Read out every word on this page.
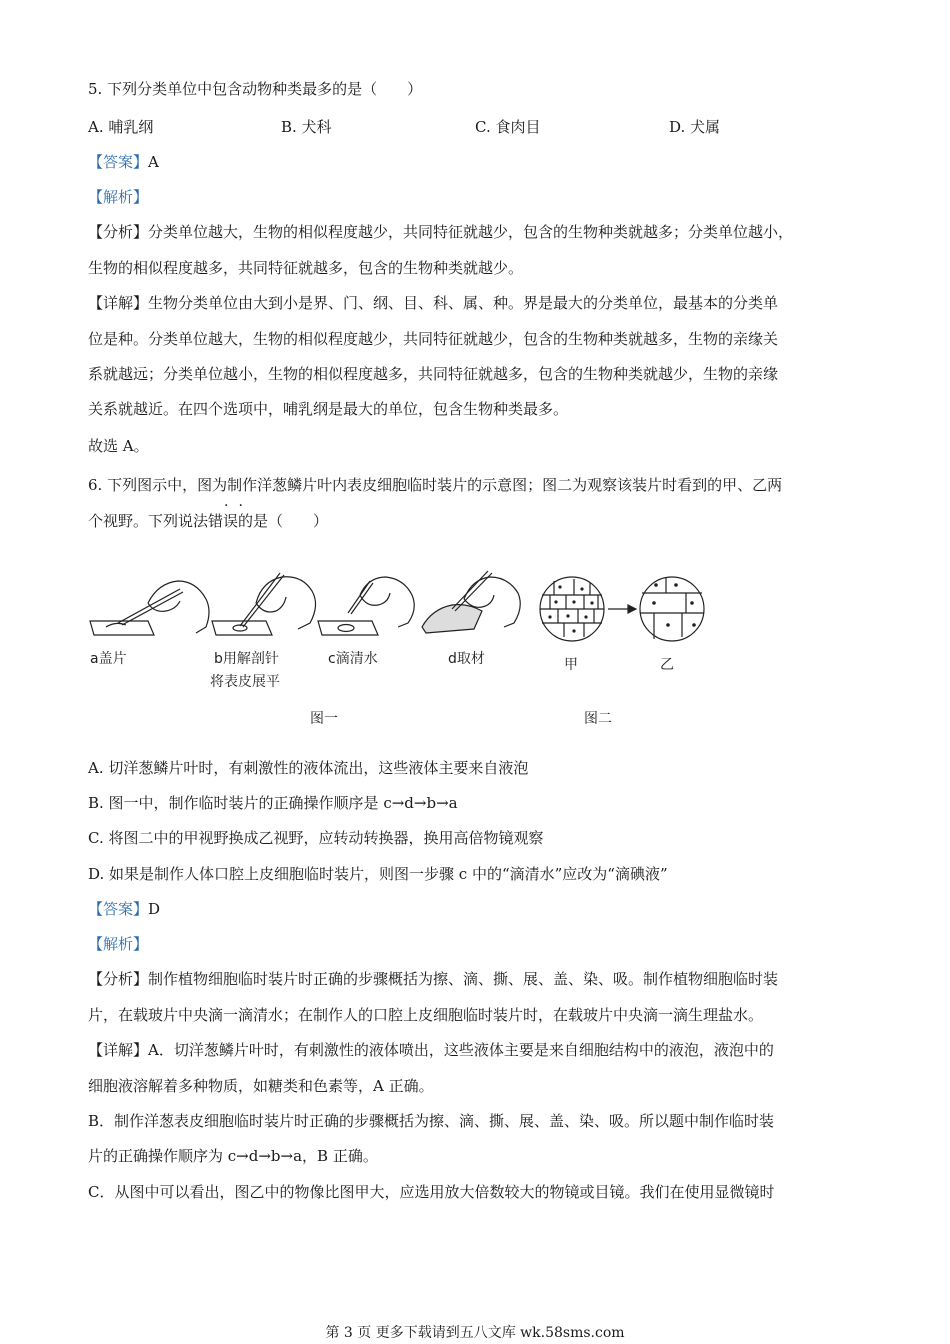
5. 下列分类单位中包含动物种类最多的是（　　）
A. 哺乳纲	B. 犬科	C. 食肉目	D. 犬属
【答案】A
【解析】
【分析】分类单位越大，生物的相似程度越少，共同特征就越少，包含的生物种类就越多；分类单位越小，
生物的相似程度越多，共同特征就越多，包含的生物种类就越少。
【详解】生物分类单位由大到小是界、门、纲、目、科、属、种。界是最大的分类单位，最基本的分类单
位是种。分类单位越大，生物的相似程度越少，共同特征就越少，包含的生物种类就越多，生物的亲缘关
系就越远；分类单位越小，生物的相似程度越多，共同特征就越多，包含的生物种类就越少，生物的亲缘
关系就越近。在四个选项中，哺乳纲是最大的单位，包含生物种类最多。
故选 A。
6. 下列图示中，图为制作洋葱鳞片叶内表皮细胞临时装片的示意图；图二为观察该装片时看到的甲、乙两
个视野。下列说法错误的是（　　）
··
A. 切洋葱鳞片叶时，有刺激性的液体流出，这些液体主要来自液泡
B. 图一中，制作临时装片的正确操作顺序是 c→d→b→a
C. 将图二中的甲视野换成乙视野，应转动转换器，换用高倍物镜观察
D. 如果是制作人体口腔上皮细胞临时装片，则图一步骤 c 中的“滴清水”应改为“滴碘液”
【答案】D
【解析】
【分析】制作植物细胞临时装片时正确的步骤概括为擦、滴、撕、展、盖、染、吸。制作植物细胞临时装
片，在载玻片中央滴一滴清水；在制作人的口腔上皮细胞临时装片时，在载玻片中央滴一滴生理盐水。
【详解】A．切洋葱鳞片叶时，有刺激性的液体喷出，这些液体主要是来自细胞结构中的液泡，液泡中的
细胞液溶解着多种物质，如糖类和色素等，A 正确。
B．制作洋葱表皮细胞临时装片时正确的步骤概括为擦、滴、撕、展、盖、染、吸。所以题中制作临时装
片的正确操作顺序为 c→d→b→a，B 正确。
C．从图中可以看出，图乙中的物像比图甲大，应选用放大倍数较大的物镜或目镜。我们在使用显微镜时
a盖片	b用解剖针
将表皮展平
c滴清水	d取材	甲	乙
图一	图二
第 3 页 更多下载请到五八文库 wk.58sms.com
